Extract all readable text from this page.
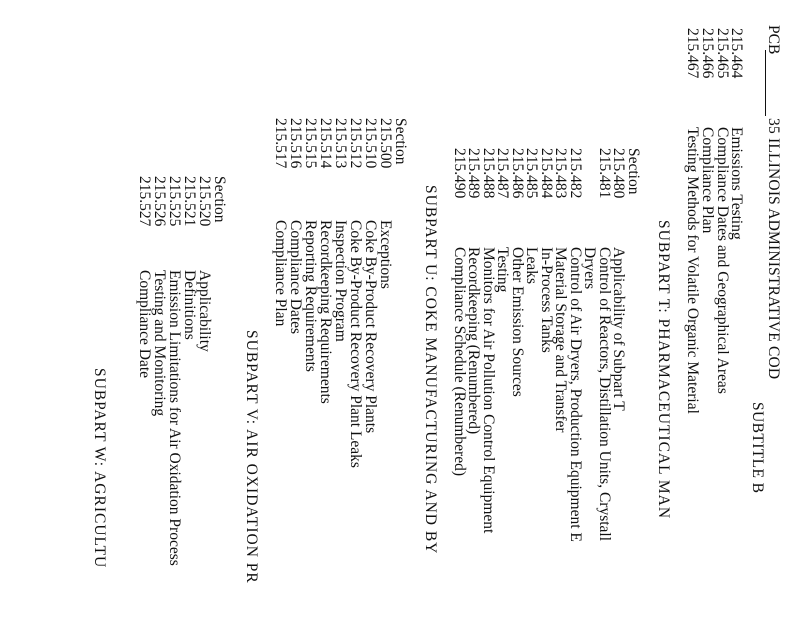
PCB
35 ILLINOIS ADMINISTRATIVE COD
SUBTITLE B
215.464
Emissions Testing
215.465
Compliance Dates and Geographical Areas
215.466
Compliance Plan
215.467
Testing Methods for Volatile Organic Material
SUBPART T: PHARMACEUTICAL MAN
Section
215.480
Applicability of Subpart T
215.481
Control of Reactors, Distillation Units, Crystall
Dryers
215.482
Control of Air Dryers, Production Equipment E
215.483
Material Storage and Transfer
215.484
In-Process Tanks
215.485
Leaks
215.486
Other Emission Sources
215.487
Testing
215.488
Monitors for Air Pollution Control Equipment
215.489
Recordkeeping (Renumbered)
215.490
Compliance Schedule (Renumbered)
SUBPART U: COKE MANUFACTURING AND BY
Section
215.500
Exceptions
215.510
Coke By-Product Recovery Plants
215.512
Coke By-Product Recovery Plant Leaks
215.513
Inspection Program
215.514
Recordkeeping Requirements
215.515
Reporting Requirements
215.516
Compliance Dates
215.517
Compliance Plan
SUBPART V: AIR OXIDATION PR
Section
215.520
Applicability
215.521
Definitions
215.525
Emission Limitations for Air Oxidation Process
215.526
Testing and Monitoring
215.527
Compliance Date
SUBPART W: AGRICULTU
